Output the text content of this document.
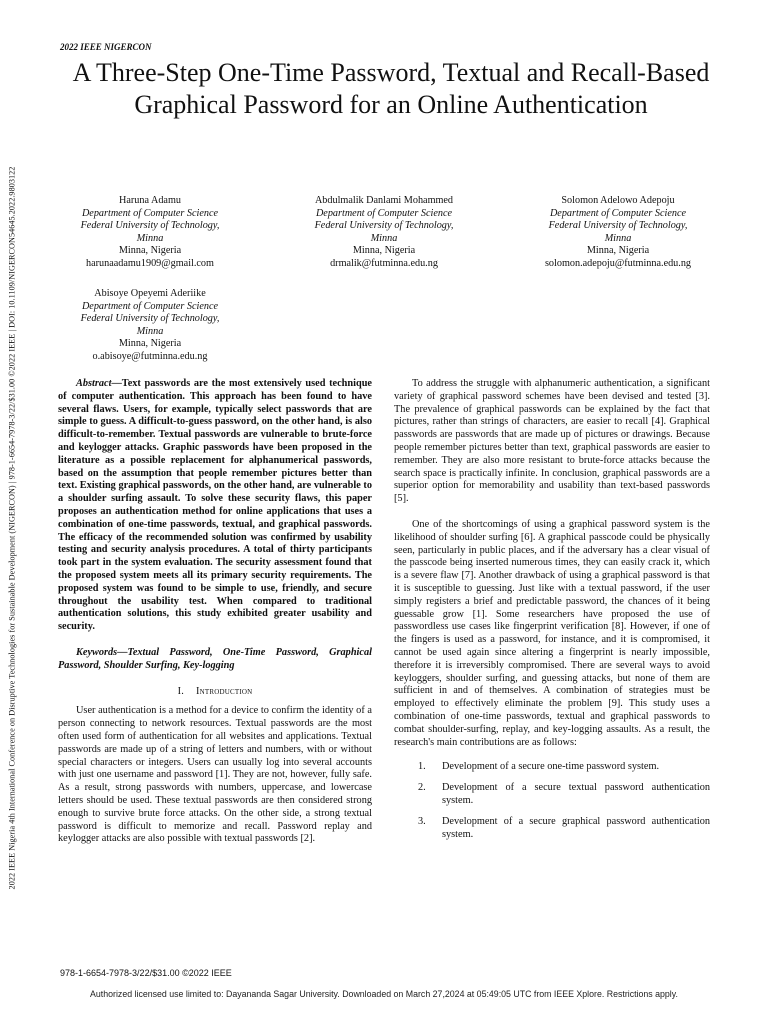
2022 IEEE Nigeria 4th International Conference on Disruptive Technologies for Sustainable Development (NIGERCON) | 978-1-6654-7978-3/22/$31.00 ©2022 IEEE | DOI: 10.1109/NIGERCON54645.2022.9803122
2022 IEEE NIGERCON
A Three-Step One-Time Password, Textual and Recall-Based Graphical Password for an Online Authentication
Haruna Adamu
Department of Computer Science
Federal University of Technology,
Minna
Minna, Nigeria
harunaadamu1909@gmail.com
Abdulmalik Danlami Mohammed
Department of Computer Science
Federal University of Technology,
Minna
Minna, Nigeria
drmalik@futminna.edu.ng
Solomon Adelowo Adepoju
Department of Computer Science
Federal University of Technology,
Minna
Minna, Nigeria
solomon.adepoju@futminna.edu.ng
Abisoye Opeyemi Aderiike
Department of Computer Science
Federal University of Technology,
Minna
Minna, Nigeria
o.abisoye@futminna.edu.ng

Abstract—Text passwords are the most extensively used technique of computer authentication. This approach has been found to have several flaws. Users, for example, typically select passwords that are simple to guess. A difficult-to-guess password, on the other hand, is also difficult-to-remember. Textual passwords are vulnerable to brute-force and keylogger attacks. Graphic passwords have been proposed in the literature as a possible replacement for alphanumerical passwords, based on the assumption that people remember pictures better than text. Existing graphical passwords, on the other hand, are vulnerable to a shoulder surfing assault. To solve these security flaws, this paper proposes an authentication method for online applications that uses a combination of one-time passwords, textual, and graphical passwords. The efficacy of the recommended solution was confirmed by usability testing and security analysis procedures. A total of thirty participants took part in the system evaluation. The security assessment found that the proposed system meets all its primary security requirements. The proposed system was found to be simple to use, friendly, and secure throughout the usability test. When compared to traditional authentication solutions, this study exhibited greater usability and security.

Keywords—Textual Password, One-Time Password, Graphical Password, Shoulder Surfing, Key-logging

I. Introduction

User authentication is a method for a device to confirm the identity of a person connecting to network resources. Textual passwords are the most often used form of authentication for all websites and applications. Textual passwords are made up of a string of letters and numbers, with or without special characters or integers. Users can usually log into several accounts with just one username and password [1]. They are not, however, fully safe. As a result, strong passwords with numbers, uppercase, and lowercase letters should be used. These textual passwords are then considered strong enough to survive brute force attacks. On the other side, a strong textual password is difficult to memorize and recall. Password replay and keylogger attacks are also possible with textual passwords [2].

To address the struggle with alphanumeric authentication, a significant variety of graphical password schemes have been devised and tested [3]. The prevalence of graphical passwords can be explained by the fact that pictures, rather than strings of characters, are easier to recall [4]. Graphical passwords are passwords that are made up of pictures or drawings. Because people remember pictures better than text, graphical passwords are easier to remember. They are also more resistant to brute-force attacks because the search space is practically infinite. In conclusion, graphical passwords are a superior option for memorability and usability than text-based passwords [5].

One of the shortcomings of using a graphical password system is the likelihood of shoulder surfing [6]. A graphical passcode could be physically seen, particularly in public places, and if the adversary has a clear visual of the passcode being inserted numerous times, they can easily crack it, which is a severe flaw [7]. Another drawback of using a graphical password is that it is susceptible to guessing. Just like with a textual password, if the user simply registers a brief and predictable password, the chances of it being guessable grow [1]. Some researchers have proposed the use of passwordless use cases like fingerprint verification [8]. However, if one of the fingers is used as a password, for instance, and it is compromised, it cannot be used again since altering a fingerprint is nearly impossible, therefore it is irreversibly compromised. There are several ways to avoid keyloggers, shoulder surfing, and guessing attacks, but none of them are sufficient in and of themselves. A combination of strategies must be employed to effectively eliminate the problem [9]. This study uses a combination of one-time passwords, textual and graphical passwords to combat shoulder-surfing, replay, and key-logging assaults. As a result, the research's main contributions are as follows:

1. Development of a secure one-time password system.
2. Development of a secure textual password authentication system.
3. Development of a secure graphical password authentication system.
978-1-6654-7978-3/22/$31.00 ©2022 IEEE
Authorized licensed use limited to: Dayananda Sagar University. Downloaded on March 27,2024 at 05:49:05 UTC from IEEE Xplore. Restrictions apply.
